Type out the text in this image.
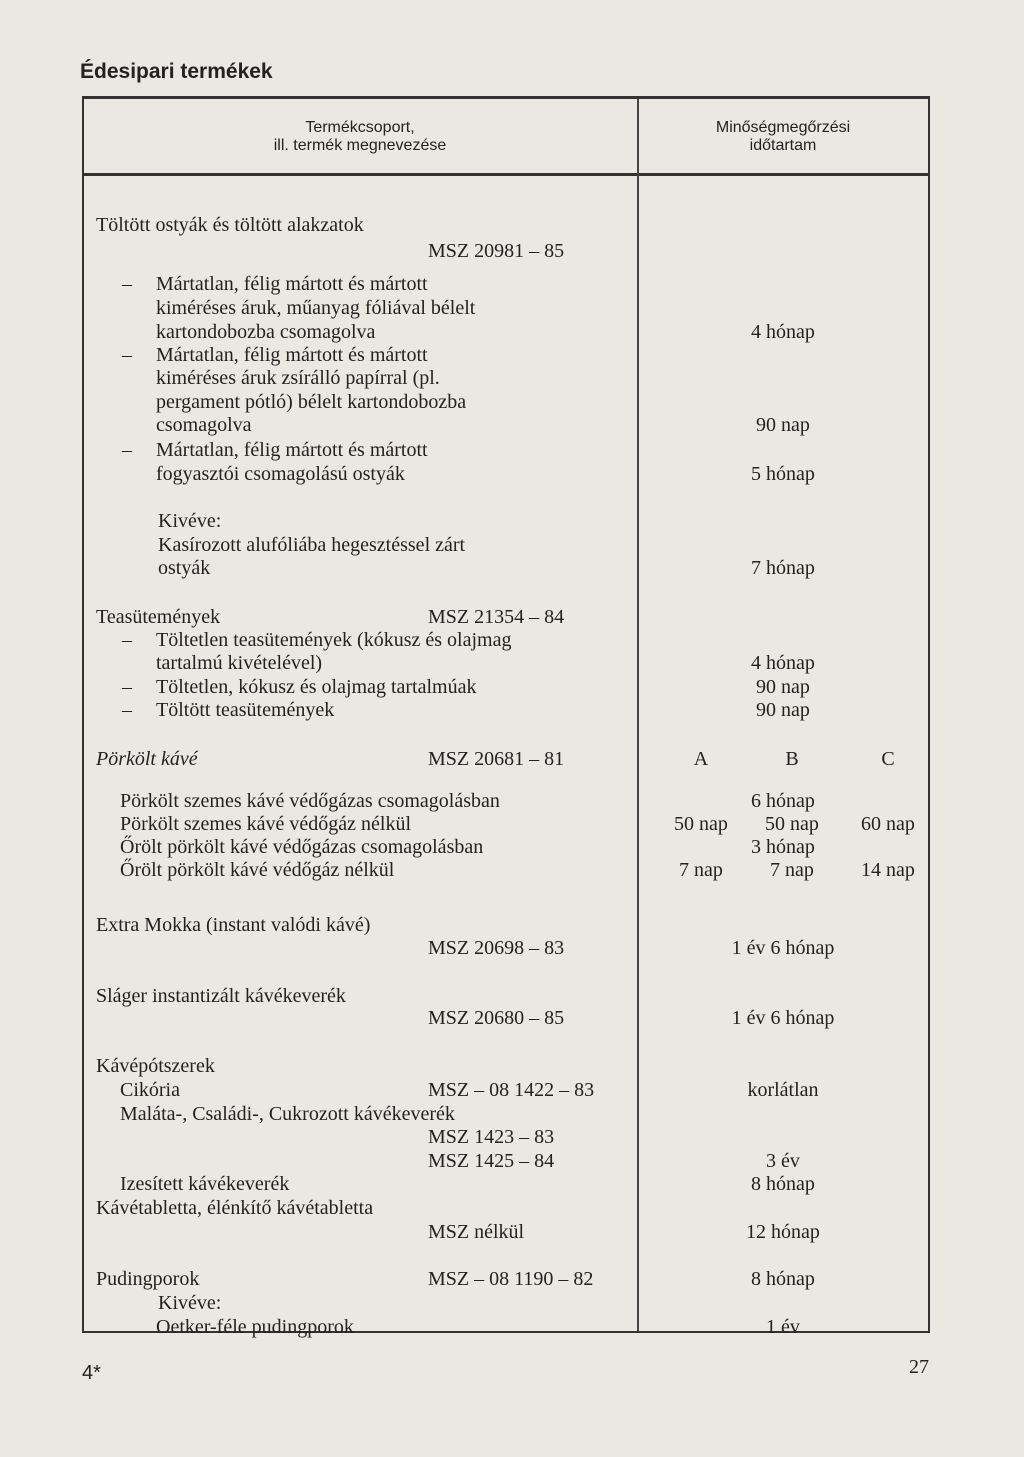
Édesipari termékek
Termékcsoport,
ill. termék megnevezése
Minőségmegőrzési
időtartam
Töltött ostyák és töltött alakzatok
MSZ 20981 – 85
– Mártatlan, félig mártott és mártott
kiméréses áruk, műanyag fóliával bélelt
kartondobozba csomagolva	4 hónap
– Mártatlan, félig mártott és mártott
kiméréses áruk zsírálló papírral (pl.
pergament pótló) bélelt kartondobozba
csomagolva	90 nap
– Mártatlan, félig mártott és mártott
fogyasztói csomagolású ostyák	5 hónap
Kivéve:
Kasírozott alufóliába hegesztéssel zárt
ostyák	7 hónap
Teasütemények	MSZ 21354 – 84
– Töltetlen teasütemények (kókusz és olajmag
tartalmú kivételével)	4 hónap
– Töltetlen, kókusz és olajmag tartalmúak	90 nap
– Töltött teasütemények	90 nap
Pörkölt kávé	MSZ 20681 – 81	A	B	C
Pörkölt szemes kávé védőgázas csomagolásban	6 hónap
Pörkölt szemes kávé védőgáz nélkül	50 nap	50 nap	60 nap
Őrölt pörkölt kávé védőgázas csomagolásban	3 hónap
Őrölt pörkölt kávé védőgáz nélkül	7 nap	7 nap	14 nap
Extra Mokka (instant valódi kávé)
MSZ 20698 – 83	1 év 6 hónap
Sláger instantizált kávékeverék
MSZ 20680 – 85	1 év 6 hónap
Kávépótszerek
Cikória	MSZ – 08 1422 – 83	korlátlan
Maláta-, Családi-, Cukrozott kávékeverék
MSZ 1423 – 83
MSZ 1425 – 84	3 év
Izesített kávékeverék	8 hónap
Kávétabletta, élénkítő kávétabletta
MSZ nélkül	12 hónap
Pudingporok	MSZ – 08 1190 – 82	8 hónap
Kivéve:
Oetker-féle pudingporok	1 év
4*	27
